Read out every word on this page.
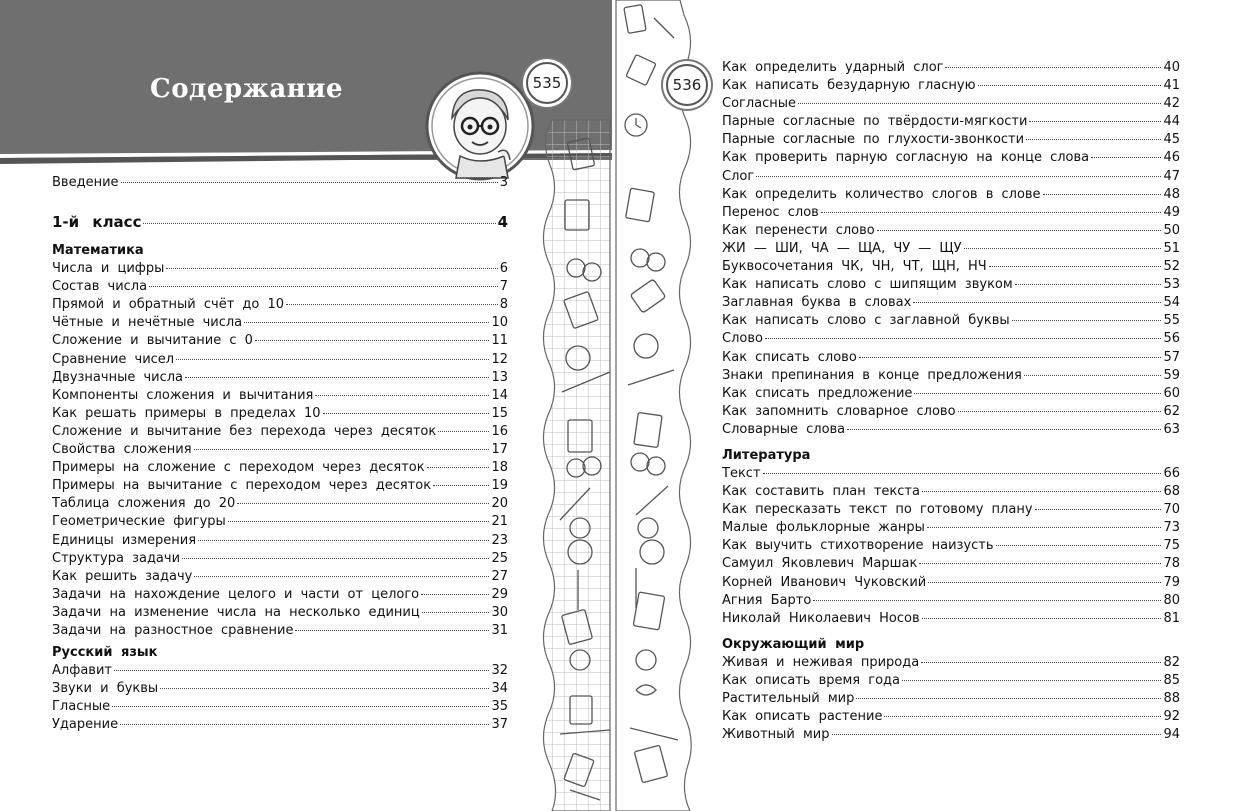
Содержание	535	536
Введение	3
1-й класс	4
Математика
Числа и цифры	6
Состав числа	7
Прямой и обратный счёт до 10	8
Чётные и нечётные числа	10
Сложение и вычитание с 0	11
Сравнение чисел	12
Двузначные числа	13
Компоненты сложения и вычитания	14
Как решать примеры в пределах 10	15
Сложение и вычитание без перехода через десяток	16
Свойства сложения	17
Примеры на сложение с переходом через десяток	18
Примеры на вычитание с переходом через десяток	19
Таблица сложения до 20	20
Геометрические фигуры	21
Единицы измерения	23
Структура задачи	25
Как решить задачу	27
Задачи на нахождение целого и части от целого	29
Задачи на изменение числа на несколько единиц	30
Задачи на разностное сравнение	31
Русский язык
Алфавит	32
Звуки и буквы	34
Гласные	35
Ударение	37
Как определить ударный слог	40
Как написать безударную гласную	41
Согласные	42
Парные согласные по твёрдости-мягкости	44
Парные согласные по глухости-звонкости	45
Как проверить парную согласную на конце слова	46
Слог	47
Как определить количество слогов в слове	48
Перенос слов	49
Как перенести слово	50
ЖИ — ШИ, ЧА — ЩА, ЧУ — ЩУ	51
Буквосочетания ЧК, ЧН, ЧТ, ЩН, НЧ	52
Как написать слово с шипящим звуком	53
Заглавная буква в словах	54
Как написать слово с заглавной буквы	55
Слово	56
Как списать слово	57
Знаки препинания в конце предложения	59
Как списать предложение	60
Как запомнить словарное слово	62
Словарные слова	63
Литература
Текст	66
Как составить план текста	68
Как пересказать текст по готовому плану	70
Малые фольклорные жанры	73
Как выучить стихотворение наизусть	75
Самуил Яковлевич Маршак	78
Корней Иванович Чуковский	79
Агния Барто	80
Николай Николаевич Носов	81
Окружающий мир
Живая и неживая природа	82
Как описать время года	85
Растительный мир	88
Как описать растение	92
Животный мир	94
